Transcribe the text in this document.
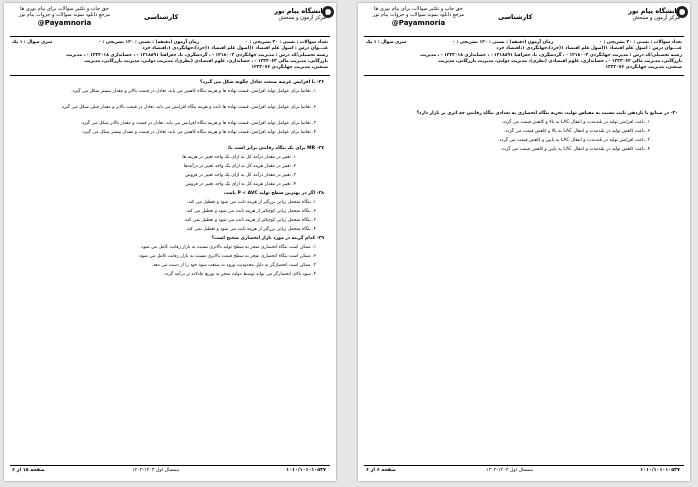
دانشگاه پیام نور
مرکز آزمون و سنجش
کارشناسی
حق چاپ و تکثیر سوالات برای پیام نوری ها
مرجع دانلود نمونه سوالات و جزوات پیام نور
@Payamnoria
تعداد سوالات : تستی : ۳۰ تشریحی : ۰
زمان آزمون (دقیقه) : تستی : ۱۲۰ تشریحی : ۰
سری سوال : ۱ یک
عنـــوان درس : اصول علم اقتصاد ۱(اصول علم اقتصاد ۱(خرد)،جهانگردی ۱،اقتصاد خرد
رشته تحصیلی/کد درس : مدیریت جهانگردی ۱۲۱۸۰۰۳ - ، گردشگری، تا، جغرافیا ۱۲۱۸۸۹۱ - ، حسابداری ۱۲۲۲۰۱۸ - ، مدیریت
بازرگانی، مدیریت مالی ۱۲۲۲۰۶۲ - ، حسابداری، علوم اقتصادی (نظری)، مدیریت دولتی، مدیریت بازرگانی، مدیریت
صنعتی، مدیریت جهانگردی ۱۲۲۲۰۷۶
۲۶- با افزایش عرضه صنعت تعادل چگونه شکل می گیرد؟
۱. تقاضا برای عوامل تولید افزایش، قیمت نهاده ها و هزینه بنگاه کاهش می یابد، تعادل در قیمت بالاتر و مقدار بیشتر شکل می گیرد.
۲. تقاضا برای عوامل تولید افزایش، قیمت نهاده ها ثابت و هزینه بنگاه افزایش می یابد، تعادل در قیمت بالاتر و مقدار قبلی شکل می گیرد.
۳. تقاضا برای عوامل تولید افزایش، قیمت نهاده ها و هزینه بنگاه افزایش می یابد، تعادل در قیمت و مقدار بالاتر شکل می گیرد.
۴. تقاضا برای عوامل تولید افزایش، قیمت نهاده ها و هزینه بنگاه کاهش می یابد، تعادل در قیمت و مقدار بیشتر شکل می گیرد.
۲۷- MR برای یک بنگاه رقابتی برابر است با:
۱. تغییر در مقدار درآمد کل به ازای یک واحد تغییر در هزینه ها
۲. تغییر در مقدار هزینه کل به ازای یک واحد تغییر در درآمدها
۳. تغییر در مقدار درآمد کل به ازای یک واحد تغییر در فروش
۴. تغییر در مقدار هزینه کل به ازای یک واحد تغییر در فروش
۲۸- اگر در بهترین سطح تولید P < AVC باشد،
۱. بنگاه متحمل زیانی بزرگتر از هزینه ثابت می شود و تعطیل می کند.
۲. بنگاه متحمل زیانی کوچکتر از هزینه ثابت می شود و تعطیل می کند.
۳. بنگاه متحمل زیانی کوچکتر از هزینه ثابت می شود و تعطیل نمی کند.
۴. بنگاه متحمل زیانی بزرگتر از هزینه ثابت می شود و تعطیل نمی کند.
۲۹- کدام گزینه در مورد بازار انحصاری صحیح است؟
۱. ممکن است بنگاه انحصاری منجر به سطح تولید بالاتری نسبت به بازار رقابت کامل می شود.
۲. ممکن است بنگاه انحصاری منجر به سطح قیمت بالاتری نسبت به بازار رقابت کامل می شود.
۳. ممکن است انحصارگر به دلیل محدودیت ورود به صنعت سود خود را از دست می دهد.
۴. سود بالای انحصارگر می تواند توسط دولت منجر به توزیع عادلانه تر درآمد گردد.
صفحه ۱۵ از ۶	نیمسال اول ۱۴۰۳-۱۴۰۲	۱۰۱۰/۱۰۱۰۱۰۵۳۷
دانشگاه پیام نور
مرکز آزمون و سنجش
کارشناسی
حق چاپ و تکثیر سوالات برای پیام نوری ها
مرجع دانلود نمونه سوالات و جزوات پیام نور
@Payamnoria
تعداد سوالات : تستی : ۳۰ تشریحی : ۰
زمان آزمون (دقیقه) : تستی : ۱۲۰ تشریحی : ۰
سری سوال : ۱ یک
عنـــوان درس : اصول علم اقتصاد ۱(اصول علم اقتصاد ۱(خرد)،جهانگردی ۱،اقتصاد خرد
رشته تحصیلی/کد درس : مدیریت جهانگردی ۱۲۱۸۰۰۳ - ، گردشگری، تا، جغرافیا ۱۲۱۸۸۹۱ - ، حسابداری ۱۲۲۲۰۱۸ - ، مدیریت
بازرگانی، مدیریت مالی ۱۲۲۲۰۶۲ - ، حسابداری، علوم اقتصادی (نظری)، مدیریت دولتی، مدیریت بازرگانی، مدیریت
صنعتی، مدیریت جهانگردی ۱۲۲۲۰۷۶
۳۰- در صنایع با بازدهی ثابت نسبت به مقیاس تولید، تجزیه بنگاه انحصاری به تعدادی بنگاه رقابتی چه اثری بر بازار دارد؟
۱. باعث افزایش تولید در بلندمدت و انتقال LAC به بالا و کاهش قیمت می گردد.
۲. باعث کاهش تولید در بلندمدت و انتقال LAC به بالا و کاهش قیمت می گردد.
۳. باعث افزایش تولید در بلندمدت و انتقال LAC به پایین و کاهش قیمت می گردد.
۴. باعث کاهش تولید در بلندمدت و انتقال LAC به پایین و کاهش قیمت می گردد.
صفحه ۶ از ۶	نیمسال اول ۱۴۰۳-۱۴۰۲	۱۰۱۰/۱۰۱۰۱۰۵۳۷
